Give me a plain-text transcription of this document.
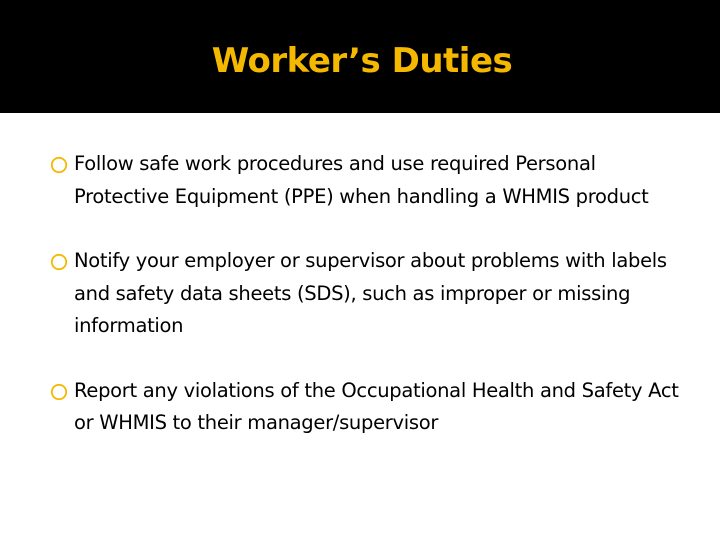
Worker’s Duties
Follow safe work procedures and use required Personal Protective Equipment (PPE) when handling a WHMIS product
Notify your employer or supervisor about problems with labels and safety data sheets (SDS), such as improper or missing information
Report any violations of the Occupational Health and Safety Act or WHMIS to their manager/supervisor
